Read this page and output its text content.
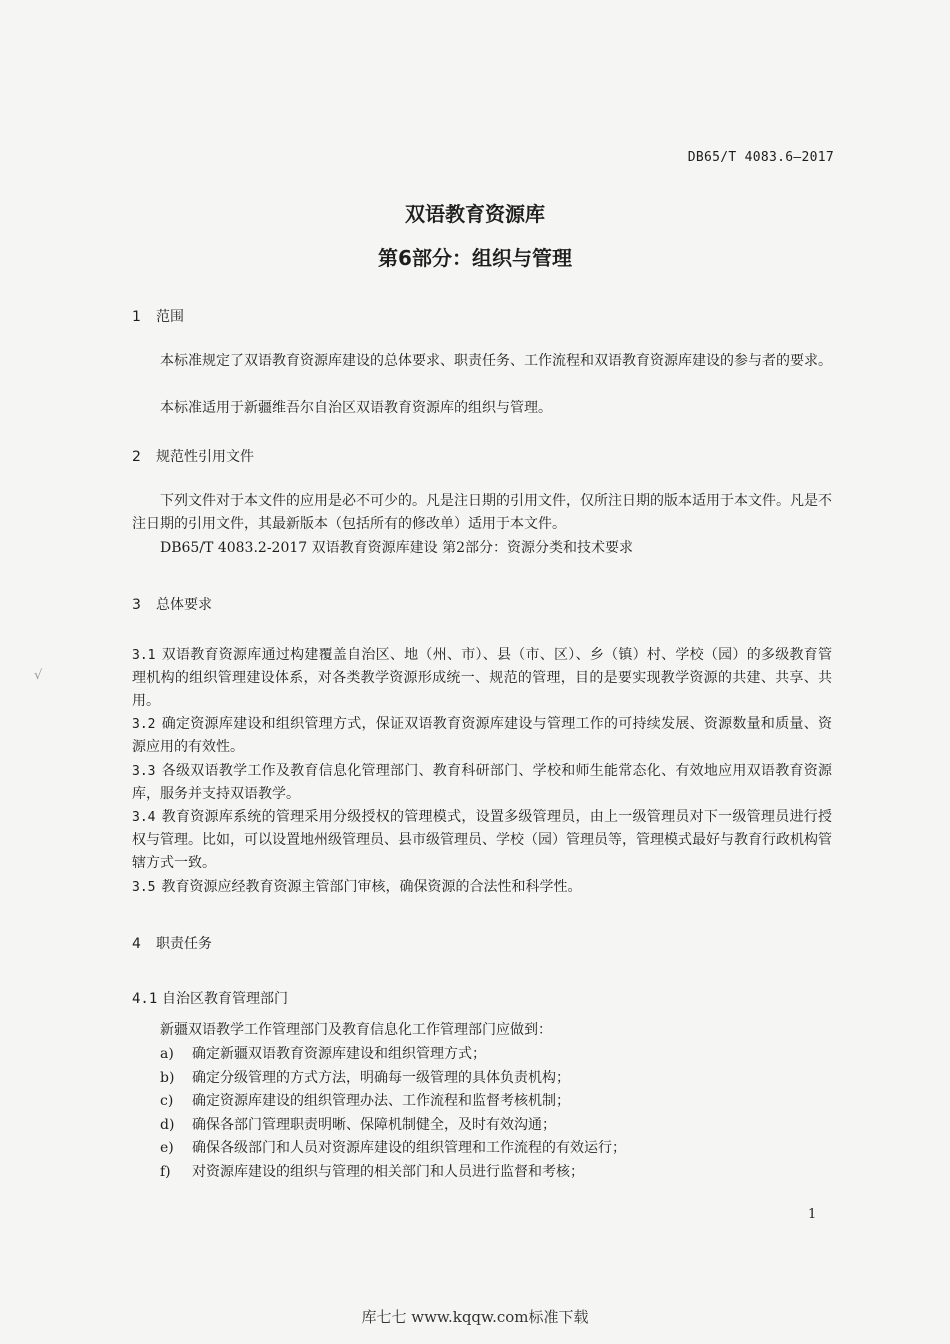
DB65/T 4083.6—2017
双语教育资源库
第6部分：组织与管理
1 范围

本标准规定了双语教育资源库建设的总体要求、职责任务、工作流程和双语教育资源库建设的参与者的要求。

本标准适用于新疆维吾尔自治区双语教育资源库的组织与管理。

2 规范性引用文件

下列文件对于本文件的应用是必不可少的。凡是注日期的引用文件，仅所注日期的版本适用于本文件。凡是不注日期的引用文件，其最新版本（包括所有的修改单）适用于本文件。

DB65/T 4083.2-2017 双语教育资源库建设 第2部分：资源分类和技术要求

3 总体要求

3.1 双语教育资源库通过构建覆盖自治区、地（州、市）、县（市、区）、乡（镇）村、学校（园）的多级教育管理机构的组织管理建设体系，对各类教学资源形成统一、规范的管理，目的是要实现教学资源的共建、共享、共用。

3.2 确定资源库建设和组织管理方式，保证双语教育资源库建设与管理工作的可持续发展、资源数量和质量、资源应用的有效性。

3.3 各级双语教学工作及教育信息化管理部门、教育科研部门、学校和师生能常态化、有效地应用双语教育资源库，服务并支持双语教学。

3.4 教育资源库系统的管理采用分级授权的管理模式，设置多级管理员，由上一级管理员对下一级管理员进行授权与管理。比如，可以设置地州级管理员、县市级管理员、学校（园）管理员等，管理模式最好与教育行政机构管辖方式一致。

3.5 教育资源应经教育资源主管部门审核，确保资源的合法性和科学性。

4 职责任务
4.1 自治区教育管理部门

新疆双语教学工作管理部门及教育信息化工作管理部门应做到：

a) 确定新疆双语教育资源库建设和组织管理方式；
b) 确定分级管理的方式方法，明确每一级管理的具体负责机构；
c) 确定资源库建设的组织管理办法、工作流程和监督考核机制；
d) 确保各部门管理职责明晰、保障机制健全，及时有效沟通；
e) 确保各级部门和人员对资源库建设的组织管理和工作流程的有效运行；
f) 对资源库建设的组织与管理的相关部门和人员进行监督和考核；
√
1
库七七 www.kqqw.com标准下载
